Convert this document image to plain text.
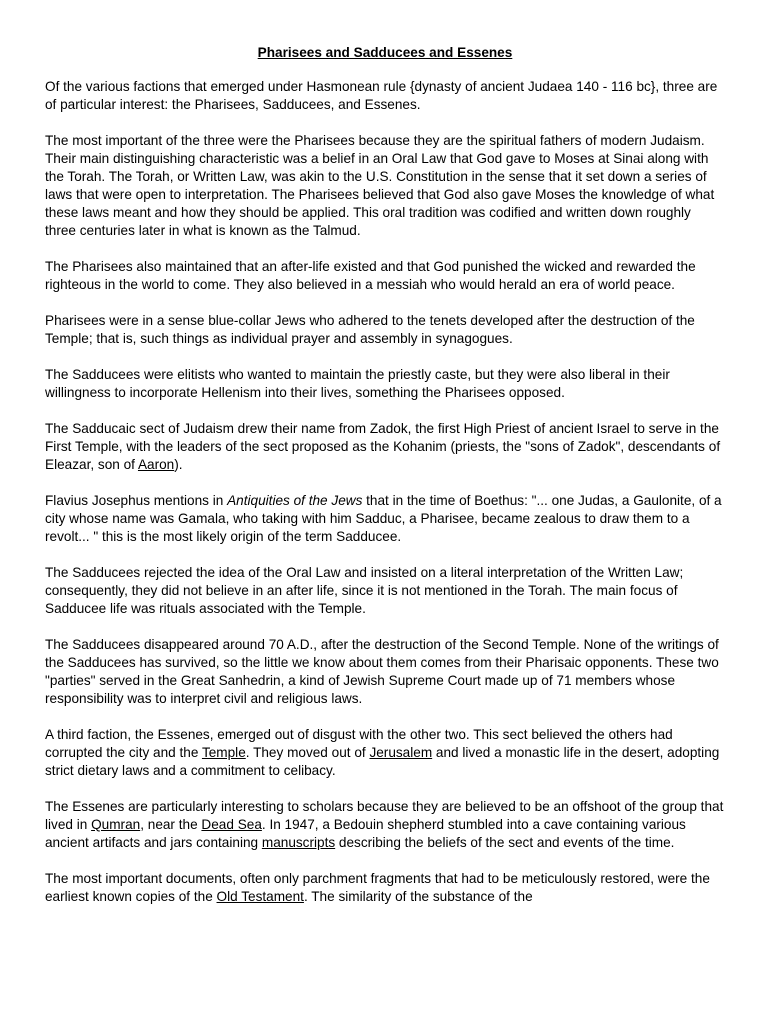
Pharisees and Sadducees and Essenes

Of the various factions that emerged under Hasmonean rule {dynasty of ancient Judaea 140 - 116 bc}, three are of particular interest: the Pharisees, Sadducees, and Essenes.

The most important of the three were the Pharisees because they are the spiritual fathers of modern Judaism. Their main distinguishing characteristic was a belief in an Oral Law that God gave to Moses at Sinai along with the Torah. The Torah, or Written Law, was akin to the U.S. Constitution in the sense that it set down a series of laws that were open to interpretation. The Pharisees believed that God also gave Moses the knowledge of what these laws meant and how they should be applied. This oral tradition was codified and written down roughly three centuries later in what is known as the Talmud.

The Pharisees also maintained that an after-life existed and that God punished the wicked and rewarded the righteous in the world to come. They also believed in a messiah who would herald an era of world peace.

Pharisees were in a sense blue-collar Jews who adhered to the tenets developed after the destruction of the Temple; that is, such things as individual prayer and assembly in synagogues.

The Sadducees were elitists who wanted to maintain the priestly caste, but they were also liberal in their willingness to incorporate Hellenism into their lives, something the Pharisees opposed.

The Sadducaic sect of Judaism drew their name from Zadok, the first High Priest of ancient Israel to serve in the First Temple, with the leaders of the sect proposed as the Kohanim (priests, the "sons of Zadok", descendants of Eleazar, son of Aaron).

Flavius Josephus mentions in Antiquities of the Jews that in the time of Boethus: "... one Judas, a Gaulonite, of a city whose name was Gamala, who taking with him Sadduc, a Pharisee, became zealous to draw them to a revolt... " this is the most likely origin of the term Sadducee.

The Sadducees rejected the idea of the Oral Law and insisted on a literal interpretation of the Written Law; consequently, they did not believe in an after life, since it is not mentioned in the Torah. The main focus of Sadducee life was rituals associated with the Temple.

The Sadducees disappeared around 70 A.D., after the destruction of the Second Temple. None of the writings of the Sadducees has survived, so the little we know about them comes from their Pharisaic opponents. These two "parties" served in the Great Sanhedrin, a kind of Jewish Supreme Court made up of 71 members whose responsibility was to interpret civil and religious laws.

A third faction, the Essenes, emerged out of disgust with the other two. This sect believed the others had corrupted the city and the Temple. They moved out of Jerusalem and lived a monastic life in the desert, adopting strict dietary laws and a commitment to celibacy.

The Essenes are particularly interesting to scholars because they are believed to be an offshoot of the group that lived in Qumran, near the Dead Sea. In 1947, a Bedouin shepherd stumbled into a cave containing various ancient artifacts and jars containing manuscripts describing the beliefs of the sect and events of the time.

The most important documents, often only parchment fragments that had to be meticulously restored, were the earliest known copies of the Old Testament. The similarity of the substance of the
